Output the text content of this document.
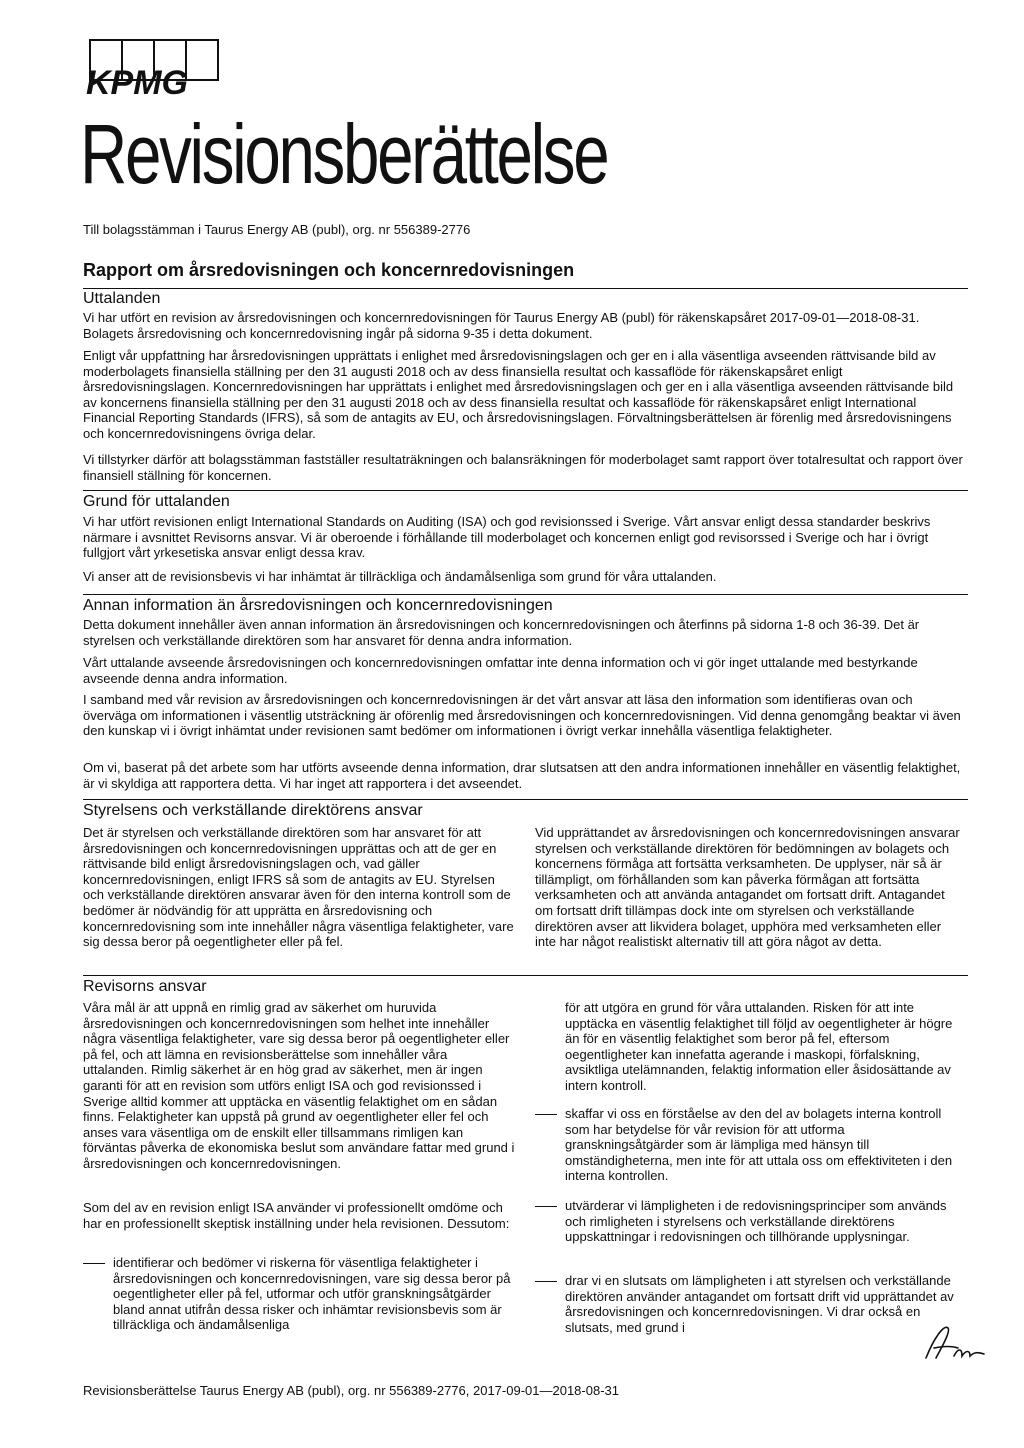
KPMG
Revisionsberättelse
Till bolagsstämman i Taurus Energy AB (publ), org. nr 556389-2776
Rapport om årsredovisningen och koncernredovisningen
Uttalanden

Vi har utfört en revision av årsredovisningen och koncernredovisningen för Taurus Energy AB (publ) för räkenskapsåret 2017-09-01—2018-08-31. Bolagets årsredovisning och koncernredovisning ingår på sidorna 9-35 i detta dokument.

Enligt vår uppfattning har årsredovisningen upprättats i enlighet med årsredovisningslagen och ger en i alla väsentliga avseenden rättvisande bild av moderbolagets finansiella ställning per den 31 augusti 2018 och av dess finansiella resultat och kassaflöde för räkenskapsåret enligt årsredovisningslagen. Koncernredovisningen har upprättats i enlighet med årsredovisningslagen och ger en i alla väsentliga avseenden rättvisande bild av koncernens finansiella ställning per den 31 augusti 2018 och av dess finansiella resultat och kassaflöde för räkenskapsåret enligt International Financial Reporting Standards (IFRS), så som de antagits av EU, och årsredovisningslagen. Förvaltningsberättelsen är förenlig med årsredovisningens och koncernredovisningens övriga delar.

Vi tillstyrker därför att bolagsstämman fastställer resultaträkningen och balansräkningen för moderbolaget samt rapport över totalresultat och rapport över finansiell ställning för koncernen.

Grund för uttalanden

Vi har utfört revisionen enligt International Standards on Auditing (ISA) och god revisionssed i Sverige. Vårt ansvar enligt dessa standarder beskrivs närmare i avsnittet Revisorns ansvar. Vi är oberoende i förhållande till moderbolaget och koncernen enligt god revisorssed i Sverige och har i övrigt fullgjort vårt yrkesetiska ansvar enligt dessa krav.

Vi anser att de revisionsbevis vi har inhämtat är tillräckliga och ändamålsenliga som grund för våra uttalanden.

Annan information än årsredovisningen och koncernredovisningen

Detta dokument innehåller även annan information än årsredovisningen och koncernredovisningen och återfinns på sidorna 1-8 och 36-39. Det är styrelsen och verkställande direktören som har ansvaret för denna andra information.

Vårt uttalande avseende årsredovisningen och koncernredovisningen omfattar inte denna information och vi gör inget uttalande med bestyrkande avseende denna andra information.

I samband med vår revision av årsredovisningen och koncernredovisningen är det vårt ansvar att läsa den information som identifieras ovan och överväga om informationen i väsentlig utsträckning är oförenlig med årsredovisningen och koncernredovisningen. Vid denna genomgång beaktar vi även den kunskap vi i övrigt inhämtat under revisionen samt bedömer om informationen i övrigt verkar innehålla väsentliga felaktigheter.

Om vi, baserat på det arbete som har utförts avseende denna information, drar slutsatsen att den andra informationen innehåller en väsentlig felaktighet, är vi skyldiga att rapportera detta. Vi har inget att rapportera i det avseendet.

Styrelsens och verkställande direktörens ansvar

Det är styrelsen och verkställande direktören som har ansvaret för att årsredovisningen och koncernredovisningen upprättas och att de ger en rättvisande bild enligt årsredovisningslagen och, vad gäller koncernredovisningen, enligt IFRS så som de antagits av EU. Styrelsen och verkställande direktören ansvarar även för den interna kontroll som de bedömer är nödvändig för att upprätta en årsredovisning och koncernredovisning som inte innehåller några väsentliga felaktigheter, vare sig dessa beror på oegentligheter eller på fel.

Vid upprättandet av årsredovisningen och koncernredovisningen ansvarar styrelsen och verkställande direktören för bedömningen av bolagets och koncernens förmåga att fortsätta verksamheten. De upplyser, när så är tillämpligt, om förhållanden som kan påverka förmågan att fortsätta verksamheten och att använda antagandet om fortsatt drift. Antagandet om fortsatt drift tillämpas dock inte om styrelsen och verkställande direktören avser att likvidera bolaget, upphöra med verksamheten eller inte har något realistiskt alternativ till att göra något av detta.

Revisorns ansvar

Våra mål är att uppnå en rimlig grad av säkerhet om huruvida årsredovisningen och koncernredovisningen som helhet inte innehåller några väsentliga felaktigheter, vare sig dessa beror på oegentligheter eller på fel, och att lämna en revisionsberättelse som innehåller våra uttalanden. Rimlig säkerhet är en hög grad av säkerhet, men är ingen garanti för att en revision som utförs enligt ISA och god revisionssed i Sverige alltid kommer att upptäcka en väsentlig felaktighet om en sådan finns. Felaktigheter kan uppstå på grund av oegentligheter eller fel och anses vara väsentliga om de enskilt eller tillsammans rimligen kan förväntas påverka de ekonomiska beslut som användare fattar med grund i årsredovisningen och koncernredovisningen.

Som del av en revision enligt ISA använder vi professionellt omdöme och har en professionellt skeptisk inställning under hela revisionen. Dessutom:

identifierar och bedömer vi riskerna för väsentliga felaktigheter i årsredovisningen och koncernredovisningen, vare sig dessa beror på oegentligheter eller på fel, utformar och utför granskningsåtgärder bland annat utifrån dessa risker och inhämtar revisionsbevis som är tillräckliga och ändamålsenliga

för att utgöra en grund för våra uttalanden. Risken för att inte upptäcka en väsentlig felaktighet till följd av oegentligheter är högre än för en väsentlig felaktighet som beror på fel, eftersom oegentligheter kan innefatta agerande i maskopi, förfalskning, avsiktliga utelämnanden, felaktig information eller åsidosättande av intern kontroll.

skaffar vi oss en förståelse av den del av bolagets interna kontroll som har betydelse för vår revision för att utforma granskningsåtgärder som är lämpliga med hänsyn till omständigheterna, men inte för att uttala oss om effektiviteten i den interna kontrollen.

utvärderar vi lämpligheten i de redovisningsprinciper som används och rimligheten i styrelsens och verkställande direktörens uppskattningar i redovisningen och tillhörande upplysningar.

drar vi en slutsats om lämpligheten i att styrelsen och verkställande direktören använder antagandet om fortsatt drift vid upprättandet av årsredovisningen och koncernredovisningen. Vi drar också en slutsats, med grund i

Revisionsberättelse Taurus Energy AB (publ), org. nr 556389-2776, 2017-09-01—2018-08-31
